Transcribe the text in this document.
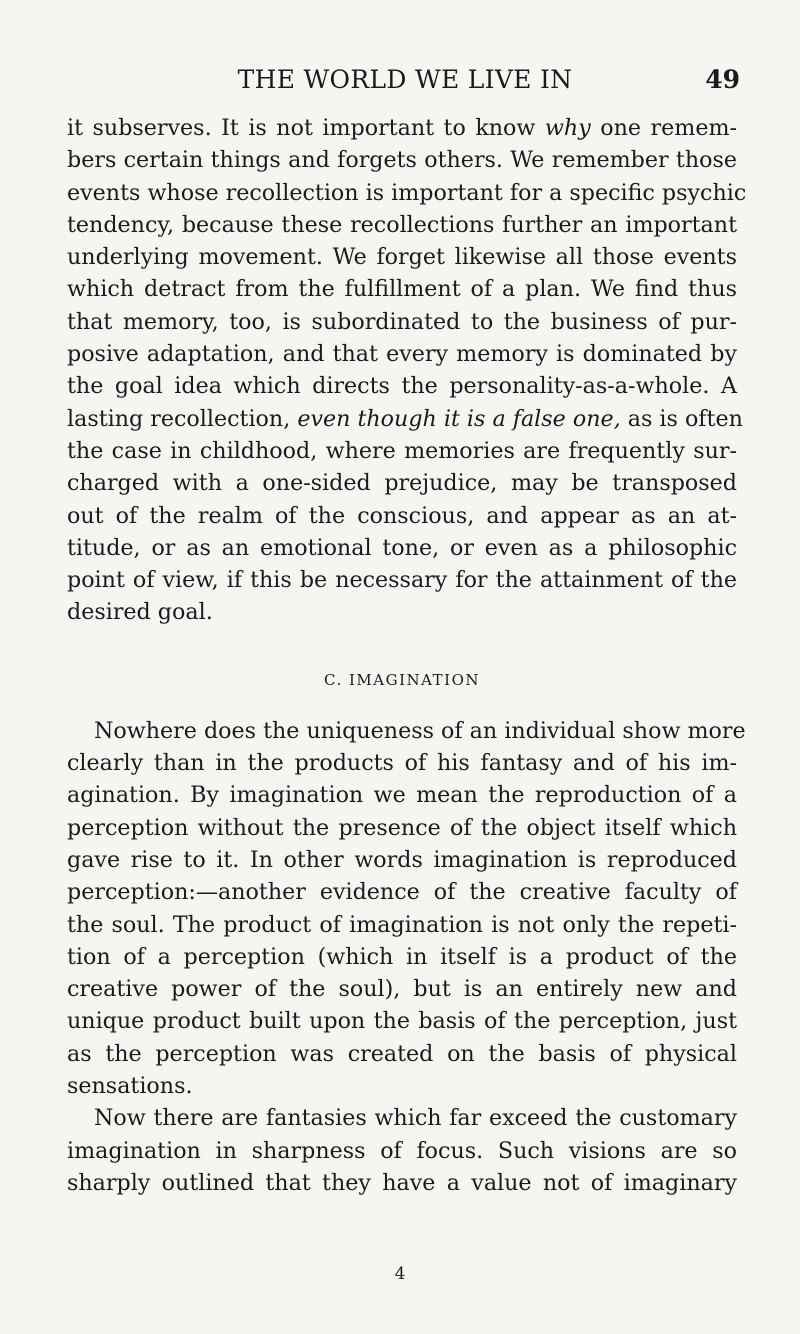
THE WORLD WE LIVE IN	49
it subserves. It is not important to know why one remem-
bers certain things and forgets others. We remember those
events whose recollection is important for a specific psychic
tendency, because these recollections further an important
underlying movement. We forget likewise all those events
which detract from the fulfillment of a plan. We find thus
that memory, too, is subordinated to the business of pur-
posive adaptation, and that every memory is dominated by
the goal idea which directs the personality-as-a-whole. A
lasting recollection, even though it is a false one, as is often
the case in childhood, where memories are frequently sur-
charged with a one-sided prejudice, may be transposed
out of the realm of the conscious, and appear as an at-
titude, or as an emotional tone, or even as a philosophic
point of view, if this be necessary for the attainment of the
desired goal.
C. IMAGINATION
Nowhere does the uniqueness of an individual show more
clearly than in the products of his fantasy and of his im-
agination. By imagination we mean the reproduction of a
perception without the presence of the object itself which
gave rise to it. In other words imagination is reproduced
perception:—another evidence of the creative faculty of
the soul. The product of imagination is not only the repeti-
tion of a perception (which in itself is a product of the
creative power of the soul), but is an entirely new and
unique product built upon the basis of the perception, just
as the perception was created on the basis of physical
sensations.
Now there are fantasies which far exceed the customary
imagination in sharpness of focus. Such visions are so
sharply outlined that they have a value not of imaginary
4
